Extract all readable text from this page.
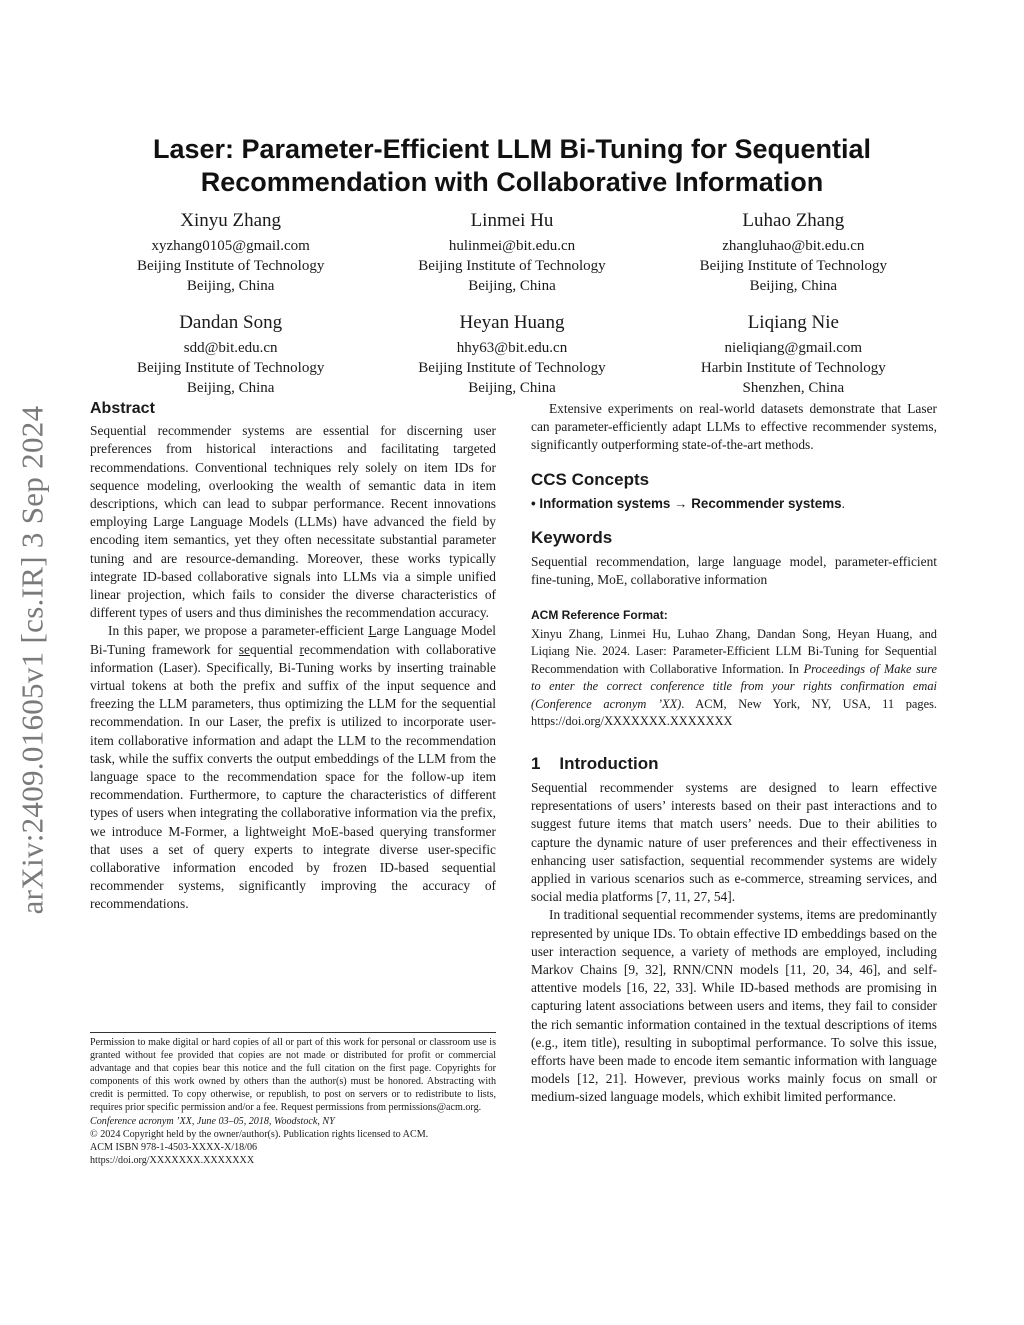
arXiv:2409.01605v1 [cs.IR] 3 Sep 2024
Laser: Parameter-Efficient LLM Bi-Tuning for Sequential
Recommendation with Collaborative Information
Xinyu Zhang
xyzhang0105@gmail.com
Beijing Institute of Technology
Beijing, China
Linmei Hu
hulinmei@bit.edu.cn
Beijing Institute of Technology
Beijing, China
Luhao Zhang
zhangluhao@bit.edu.cn
Beijing Institute of Technology
Beijing, China
Dandan Song
sdd@bit.edu.cn
Beijing Institute of Technology
Beijing, China
Heyan Huang
hhy63@bit.edu.cn
Beijing Institute of Technology
Beijing, China
Liqiang Nie
nieliqiang@gmail.com
Harbin Institute of Technology
Shenzhen, China
Abstract

Sequential recommender systems are essential for discerning user preferences from historical interactions and facilitating targeted recommendations. Conventional techniques rely solely on item IDs for sequence modeling, overlooking the wealth of semantic data in item descriptions, which can lead to subpar performance. Recent innovations employing Large Language Models (LLMs) have advanced the field by encoding item semantics, yet they often necessitate substantial parameter tuning and are resource-demanding. Moreover, these works typically integrate ID-based collaborative signals into LLMs via a simple unified linear projection, which fails to consider the diverse characteristics of different types of users and thus diminishes the recommendation accuracy.

In this paper, we propose a parameter-efficient Large Language Model Bi-Tuning framework for sequential recommendation with collaborative information (Laser). Specifically, Bi-Tuning works by inserting trainable virtual tokens at both the prefix and suffix of the input sequence and freezing the LLM parameters, thus optimizing the LLM for the sequential recommendation. In our Laser, the prefix is utilized to incorporate user-item collaborative information and adapt the LLM to the recommendation task, while the suffix converts the output embeddings of the LLM from the language space to the recommendation space for the follow-up item recommendation. Furthermore, to capture the characteristics of different types of users when integrating the collaborative information via the prefix, we introduce M-Former, a lightweight MoE-based querying transformer that uses a set of query experts to integrate diverse user-specific collaborative information encoded by frozen ID-based sequential recommender systems, significantly improving the accuracy of recommendations.

Extensive experiments on real-world datasets demonstrate that Laser can parameter-efficiently adapt LLMs to effective recommender systems, significantly outperforming state-of-the-art methods.

CCS Concepts
• Information systems → Recommender systems.
Keywords

Sequential recommendation, large language model, parameter-efficient fine-tuning, MoE, collaborative information

ACM Reference Format:

Xinyu Zhang, Linmei Hu, Luhao Zhang, Dandan Song, Heyan Huang, and Liqiang Nie. 2024. Laser: Parameter-Efficient LLM Bi-Tuning for Sequential Recommendation with Collaborative Information. In Proceedings of Make sure to enter the correct conference title from your rights confirmation emai (Conference acronym ’XX). ACM, New York, NY, USA, 11 pages. https://doi.org/XXXXXXX.XXXXXXX

1    Introduction

Sequential recommender systems are designed to learn effective representations of users’ interests based on their past interactions and to suggest future items that match users’ needs. Due to their abilities to capture the dynamic nature of user preferences and their effectiveness in enhancing user satisfaction, sequential recommender systems are widely applied in various scenarios such as e-commerce, streaming services, and social media platforms [7, 11, 27, 54].

In traditional sequential recommender systems, items are predominantly represented by unique IDs. To obtain effective ID embeddings based on the user interaction sequence, a variety of methods are employed, including Markov Chains [9, 32], RNN/CNN models [11, 20, 34, 46], and self-attentive models [16, 22, 33]. While ID-based methods are promising in capturing latent associations between users and items, they fail to consider the rich semantic information contained in the textual descriptions of items (e.g., item title), resulting in suboptimal performance. To solve this issue, efforts have been made to encode item semantic information with language models [12, 21]. However, previous works mainly focus on small or medium-sized language models, which exhibit limited performance.

Permission to make digital or hard copies of all or part of this work for personal or classroom use is granted without fee provided that copies are not made or distributed for profit or commercial advantage and that copies bear this notice and the full citation on the first page. Copyrights for components of this work owned by others than the author(s) must be honored. Abstracting with credit is permitted. To copy otherwise, or republish, to post on servers or to redistribute to lists, requires prior specific permission and/or a fee. Request permissions from permissions@acm.org.

Conference acronym ’XX, June 03–05, 2018, Woodstock, NY
© 2024 Copyright held by the owner/author(s). Publication rights licensed to ACM.
ACM ISBN 978-1-4503-XXXX-X/18/06
https://doi.org/XXXXXXX.XXXXXXX
